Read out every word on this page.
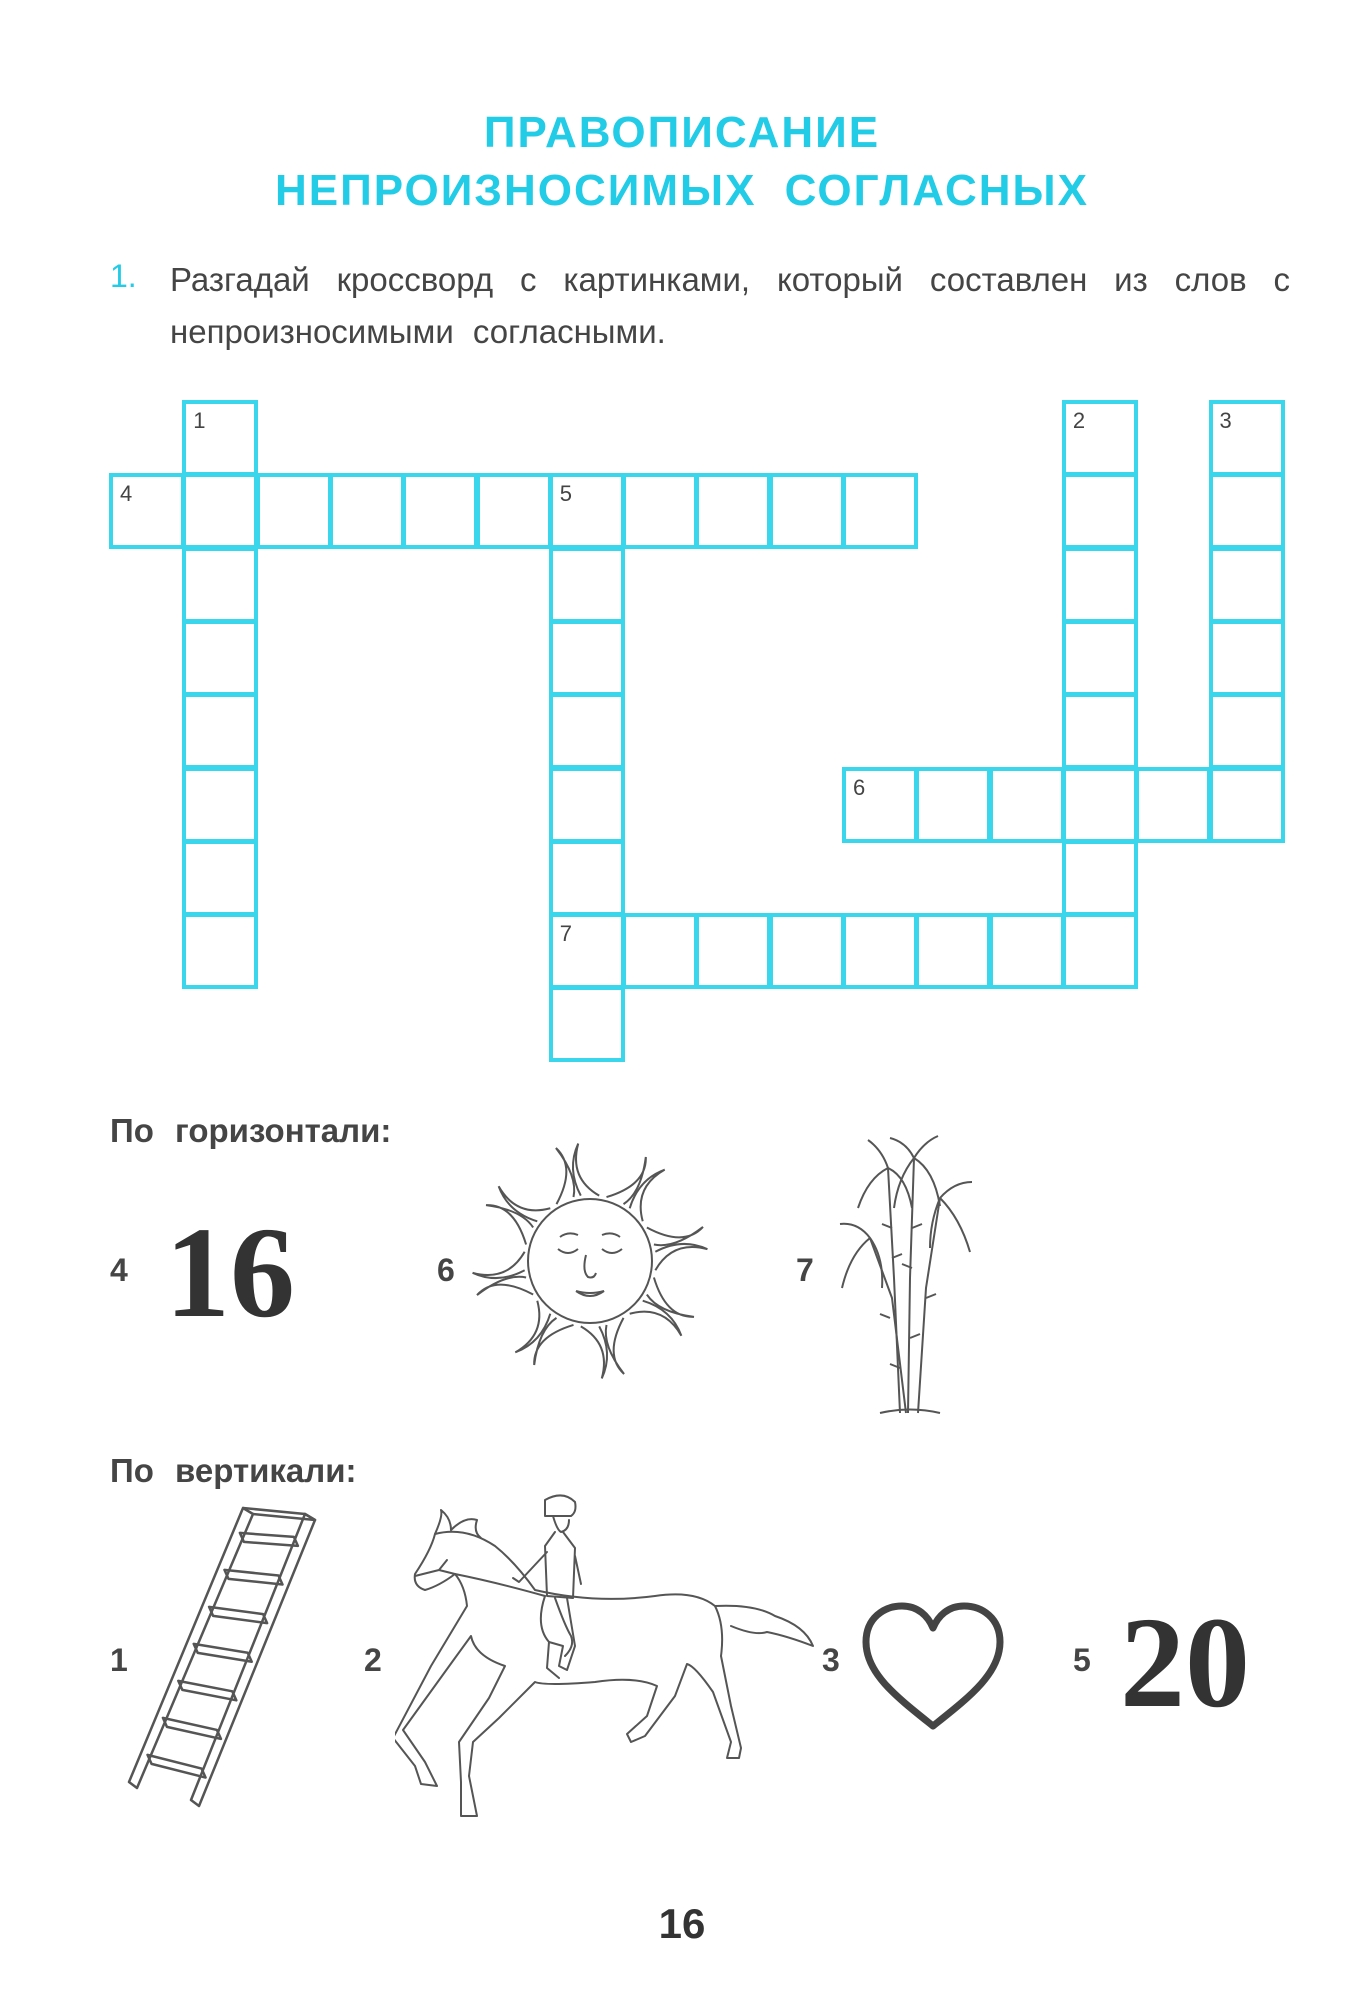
ПРАВОПИСАНИЕ
НЕПРОИЗНОСИМЫХ СОГЛАСНЫХ
1. Разгадай кроссворд с картинками, который составлен из слов с непроизносимыми согласными.
1	2	3
4	5
6
7
По горизонтали:
4 16	6	7
По вертикали:
1	2	3	5 20
16
